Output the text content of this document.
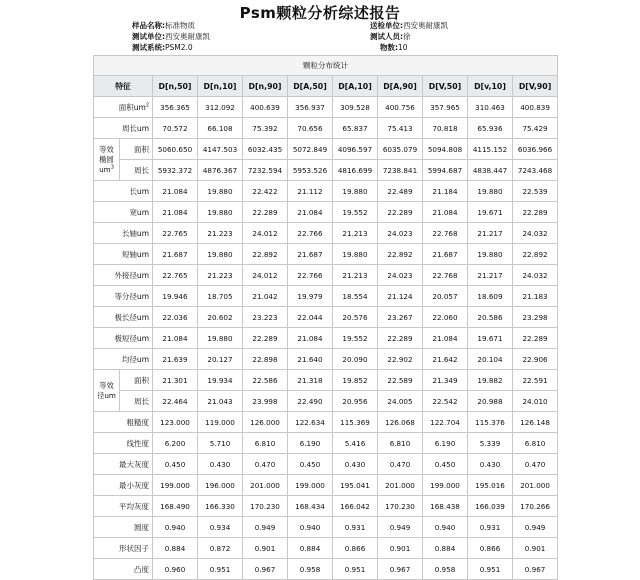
Psm颗粒分析综述报告
样品名称:标准物质
测试单位:西安奥耐康凯
测试系统:PSM2.0
送检单位:西安奥耐康凯
测试人员:徐
物数:10
颗粒分布统计										
特征		D[n,50]	D[n,10]	D[n,90]	D[A,50]	D[A,10]	D[A,90]	D[V,50]	D[v,10]	D[V,90]
面积$um^2$		356.365	312.092	400.639	356.937	309.528	400.756	357.965	310.463	400.839
周长um		70.572	66.108	75.392	70.656	65.837	75.413	70.818	65.936	75.429
等效椭圆$um^3$	面积	5060.650	4147.503	6032.435	5072.849	4096.597	6035.079	5094.808	4115.152	6036.966
	周长	5932.372	4876.367	7232.594	5953.526	4816.699	7238.841	5994.687	4838.447	7243.468
长um		21.084	19.880	22.422	21.112	19.880	22.489	21.184	19.880	22.539
宽um		21.084	19.880	22.289	21.084	19.552	22.289	21.084	19.671	22.289
长轴um		22.765	21.223	24.012	22.766	21.213	24.023	22.768	21.217	24.032
短轴um		21.687	19.880	22.892	21.687	19.880	22.892	21.687	19.880	22.892
外接径um		22.765	21.223	24.012	22.766	21.213	24.023	22.768	21.217	24.032
等分径um		19.946	18.705	21.042	19.979	18.554	21.124	20.057	18.609	21.183
极长径um		22.036	20.602	23.223	22.044	20.576	23.267	22.060	20.586	23.298
极短径um		21.084	19.880	22.289	21.084	19.552	22.289	21.084	19.671	22.289
均径um		21.639	20.127	22.898	21.640	20.090	22.902	21.642	20.104	22.906
等效径um	面积	21.301	19.934	22.586	21.318	19.852	22.589	21.349	19.882	22.591
	周长	22.464	21.043	23.998	22.490	20.956	24.005	22.542	20.988	24.010
粗糙度		123.000	119.000	126.000	122.634	115.369	126.068	122.704	115.376	126.148
线性度		6.200	5.710	6.810	6.190	5.416	6.810	6.190	5.339	6.810
最大灰度		0.450	0.430	0.470	0.450	0.430	0.470	0.450	0.430	0.470
最小灰度		199.000	196.000	201.000	199.000	195.041	201.000	199.000	195.016	201.000
平均灰度		168.490	166.330	170.230	168.434	166.042	170.230	168.438	166.039	170.266
圆度		0.940	0.934	0.949	0.940	0.931	0.949	0.940	0.931	0.949
形状因子		0.884	0.872	0.901	0.884	0.866	0.901	0.884	0.866	0.901
凸度		0.960	0.951	0.967	0.958	0.951	0.967	0.958	0.951	0.967
